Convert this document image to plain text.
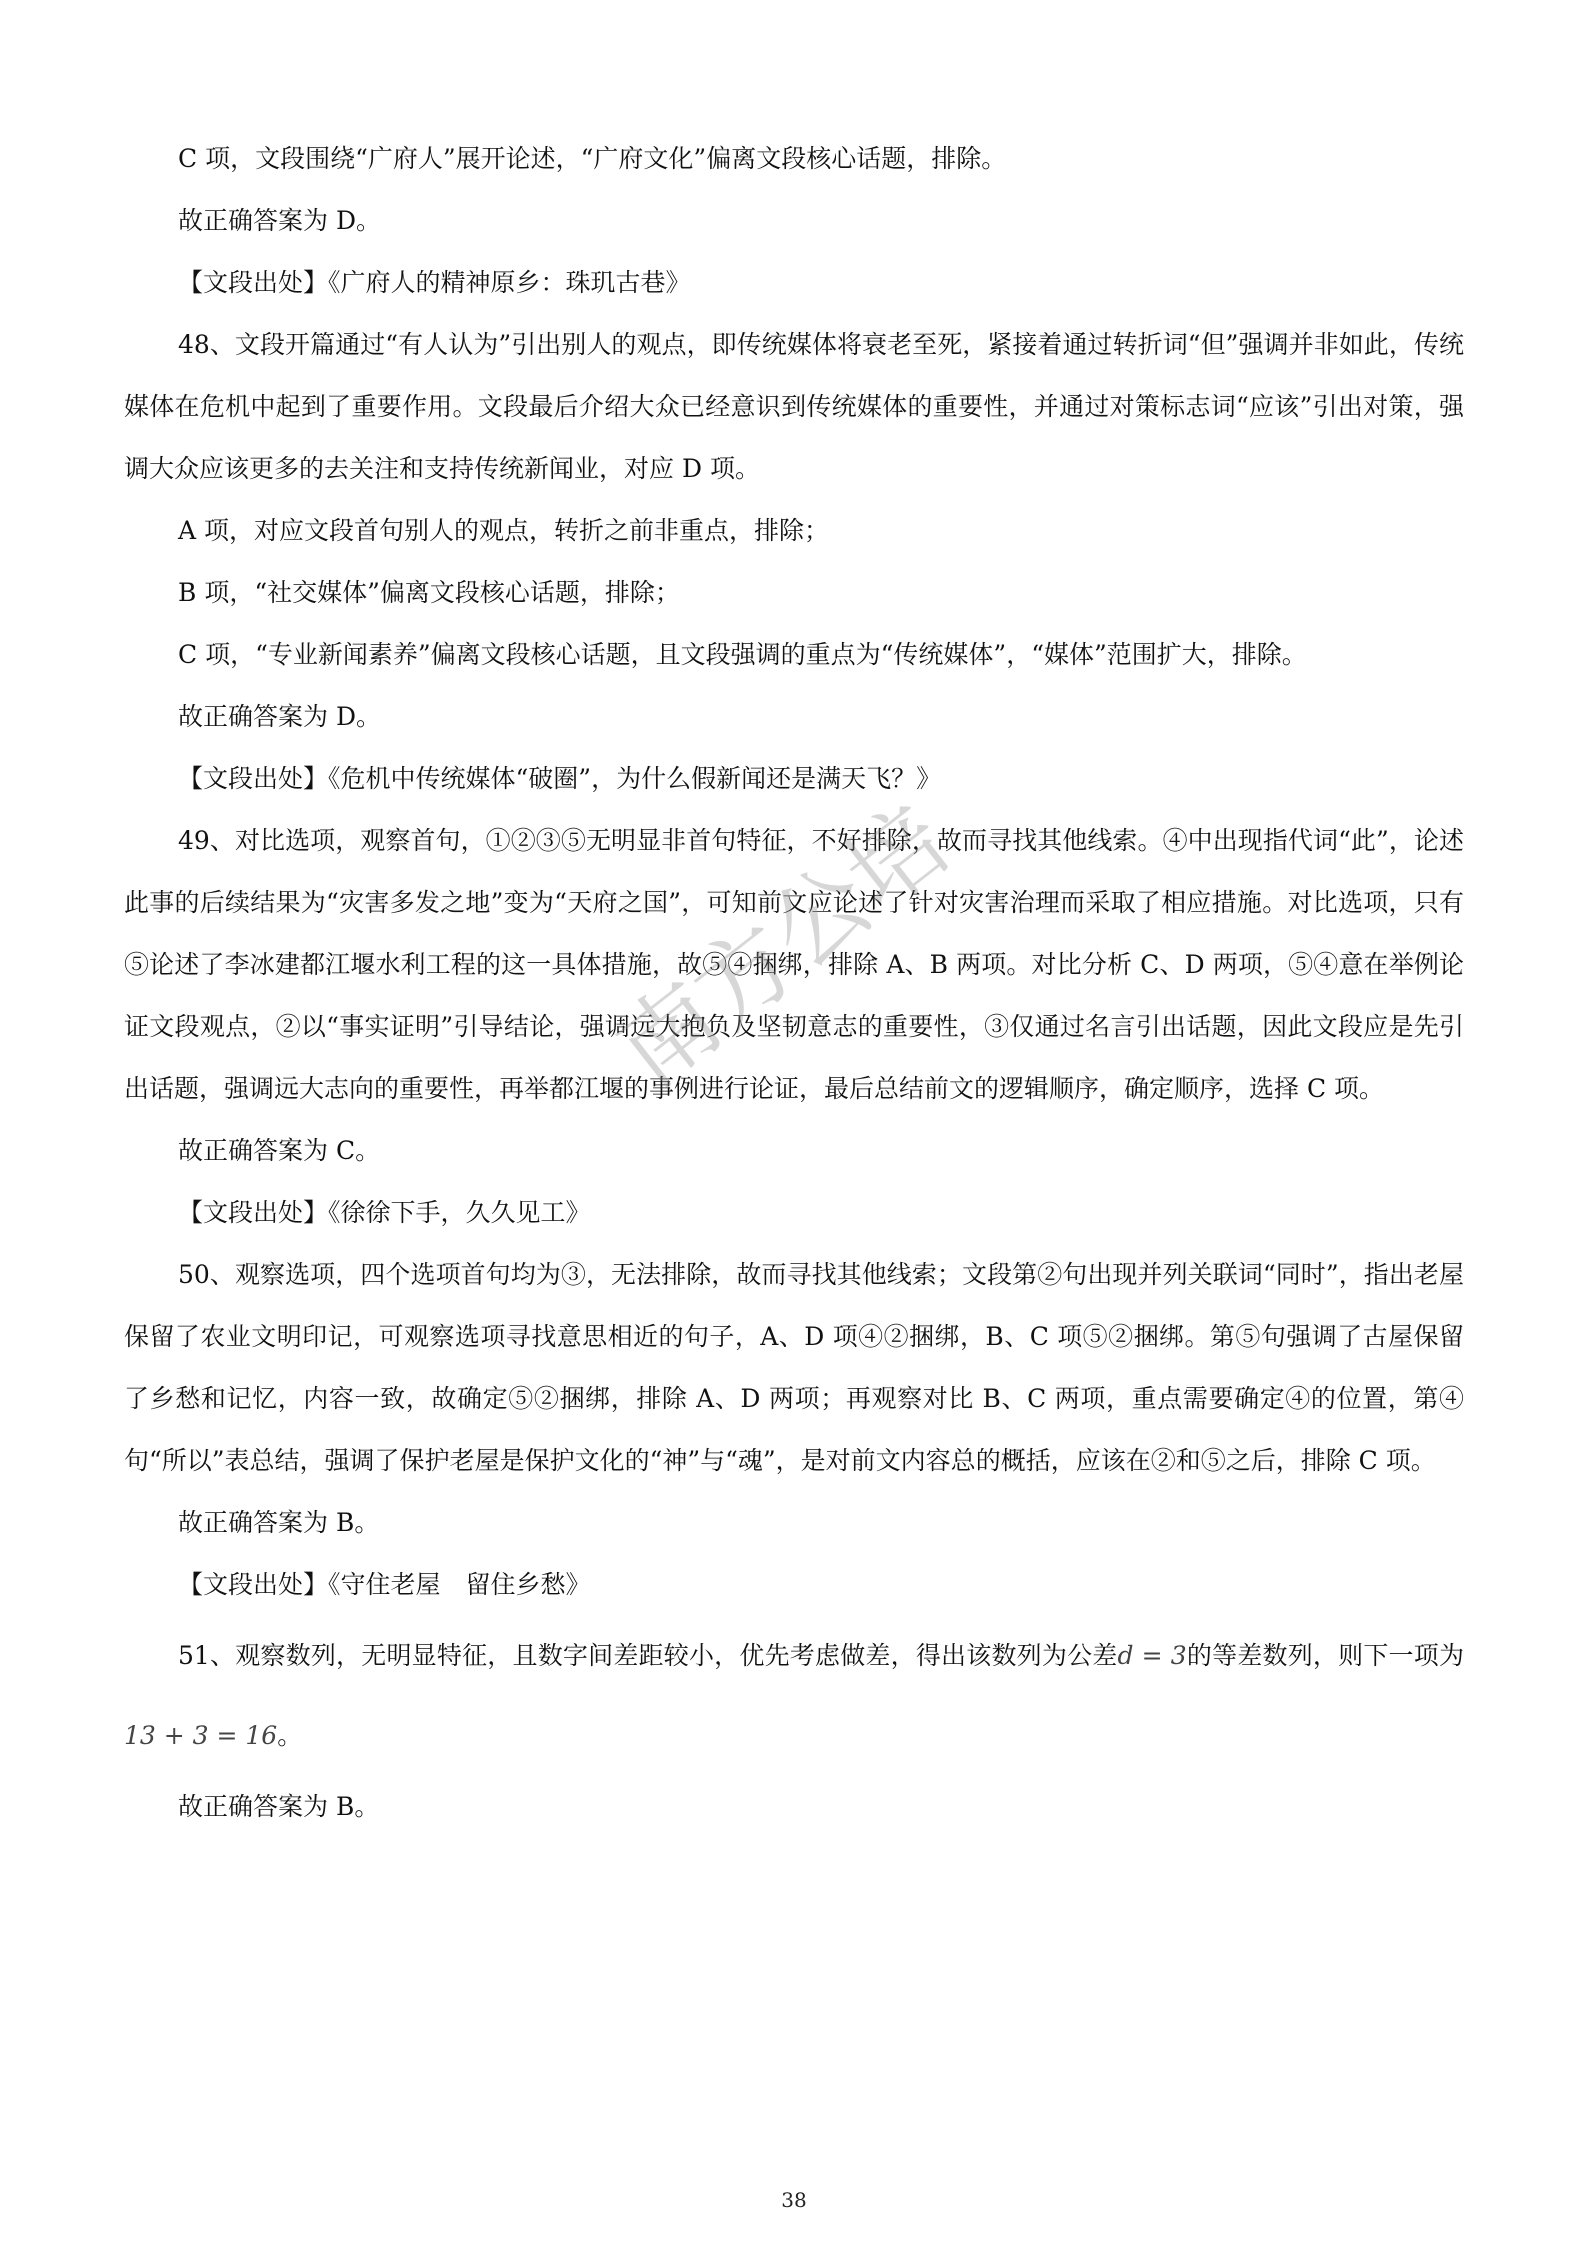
C 项，文段围绕“广府人”展开论述，“广府文化”偏离文段核心话题，排除。

故正确答案为 D。

【文段出处】《广府人的精神原乡：珠玑古巷》

48、文段开篇通过“有人认为”引出别人的观点，即传统媒体将衰老至死，紧接着通过转折词“但”强调并非如此，传统媒体在危机中起到了重要作用。文段最后介绍大众已经意识到传统媒体的重要性，并通过对策标志词“应该”引出对策，强调大众应该更多的去关注和支持传统新闻业，对应 D 项。

A 项，对应文段首句别人的观点，转折之前非重点，排除；

B 项，“社交媒体”偏离文段核心话题，排除；

C 项，“专业新闻素养”偏离文段核心话题，且文段强调的重点为“传统媒体”，“媒体”范围扩大，排除。

故正确答案为 D。

【文段出处】《危机中传统媒体“破圈”，为什么假新闻还是满天飞？》

49、对比选项，观察首句，①②③⑤无明显非首句特征，不好排除，故而寻找其他线索。④中出现指代词“此”，论述此事的后续结果为“灾害多发之地”变为“天府之国”，可知前文应论述了针对灾害治理而采取了相应措施。对比选项，只有⑤论述了李冰建都江堰水利工程的这一具体措施，故⑤④捆绑，排除 A、B 两项。对比分析 C、D 两项，⑤④意在举例论证文段观点，②以“事实证明”引导结论，强调远大抱负及坚韧意志的重要性，③仅通过名言引出话题，因此文段应是先引出话题，强调远大志向的重要性，再举都江堰的事例进行论证，最后总结前文的逻辑顺序，确定顺序，选择 C 项。

故正确答案为 C。

【文段出处】《徐徐下手，久久见工》

50、观察选项，四个选项首句均为③，无法排除，故而寻找其他线索；文段第②句出现并列关联词“同时”，指出老屋保留了农业文明印记，可观察选项寻找意思相近的句子，A、D 项④②捆绑，B、C 项⑤②捆绑。第⑤句强调了古屋保留了乡愁和记忆，内容一致，故确定⑤②捆绑，排除 A、D 两项；再观察对比 B、C 两项，重点需要确定④的位置，第④句“所以”表总结，强调了保护老屋是保护文化的“神”与“魂”，是对前文内容总的概括，应该在②和⑤之后，排除 C 项。

故正确答案为 B。

【文段出处】《守住老屋　留住乡愁》

51、观察数列，无明显特征，且数字间差距较小，优先考虑做差，得出该数列为公差d = 3的等差数列，则下一项为13 + 3 = 16。

故正确答案为 B。

南方公培
38
